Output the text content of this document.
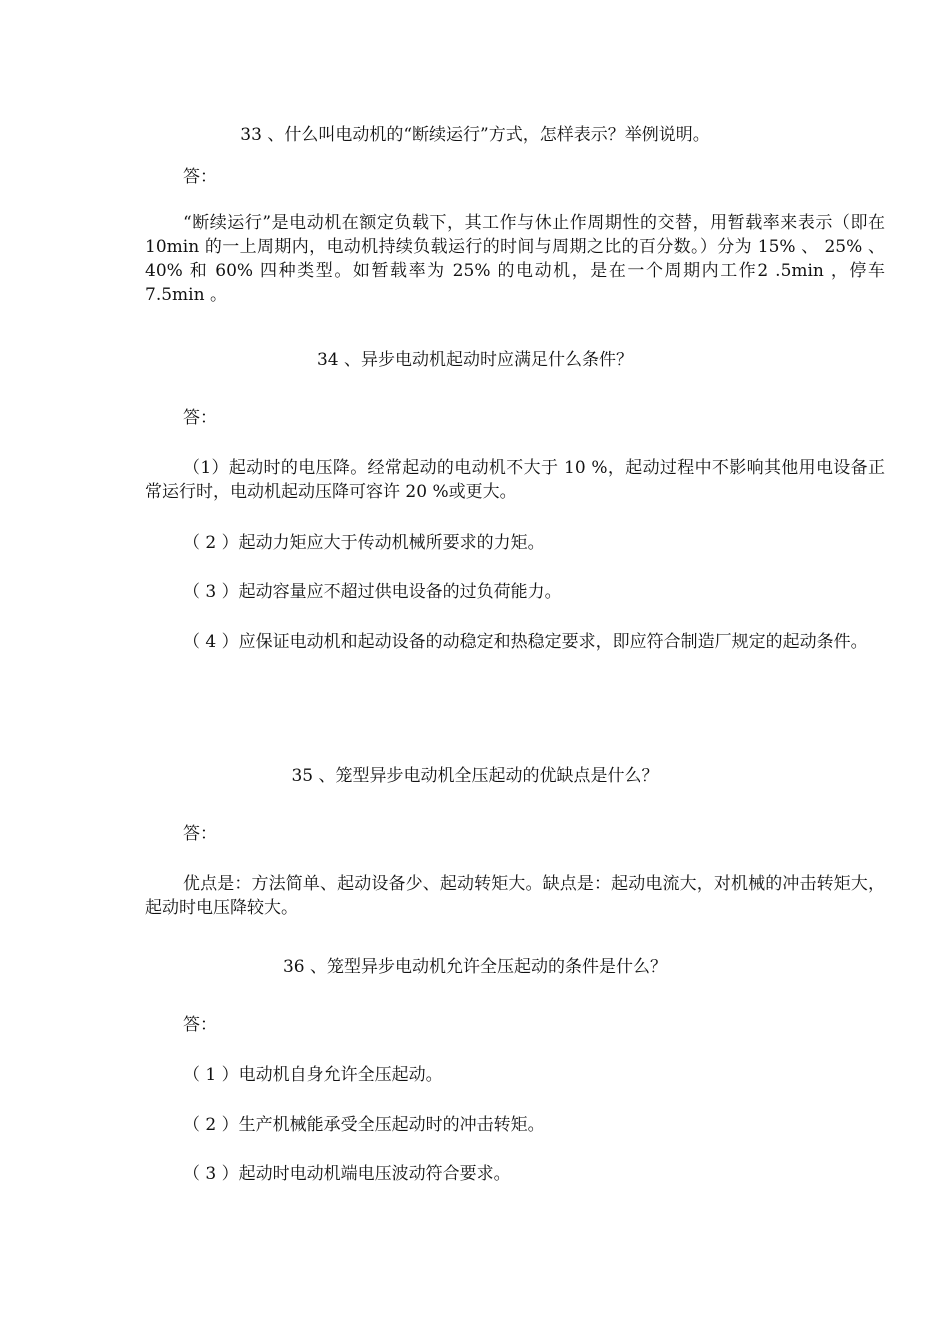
33 、什么叫电动机的“断续运行”方式，怎样表示？举例说明。

答：

“断续运行”是电动机在额定负载下，其工作与休止作周期性的交替，用暂载率来表示（即在 10min 的一上周期内，电动机持续负载运行的时间与周期之比的百分数。）分为 15% 、 25% 、 40% 和 60% 四种类型。如暂载率为 25% 的电动机，是在一个周期内工作2 .5min ，停车 7.5min 。

34 、异步电动机起动时应满足什么条件？

答：

（1）起动时的电压降。经常起动的电动机不大于 10 %，起动过程中不影响其他用电设备正常运行时，电动机起动压降可容许 20 %或更大。

（ 2 ）起动力矩应大于传动机械所要求的力矩。

（ 3 ）起动容量应不超过供电设备的过负荷能力。

（ 4 ）应保证电动机和起动设备的动稳定和热稳定要求，即应符合制造厂规定的起动条件。

35 、笼型异步电动机全压起动的优缺点是什么？

答：

优点是：方法简单、起动设备少、起动转矩大。缺点是：起动电流大，对机械的冲击转矩大，起动时电压降较大。

36 、笼型异步电动机允许全压起动的条件是什么？

答：

（ 1 ）电动机自身允许全压起动。

（ 2 ）生产机械能承受全压起动时的冲击转矩。

（ 3 ）起动时电动机端电压波动符合要求。
